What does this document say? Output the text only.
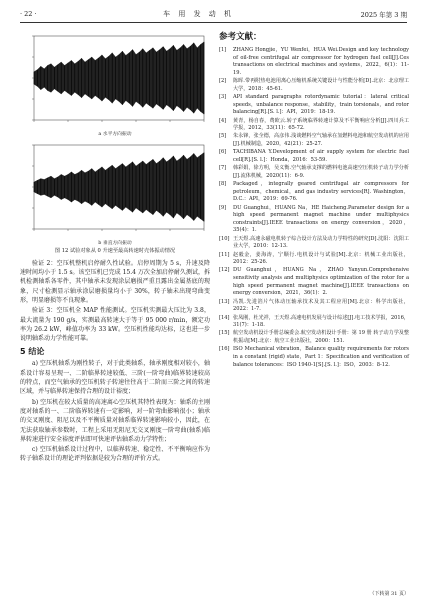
· 22 ·	车 用 发 动 机	2025 年第 3 期
a 水平方向振动
b 垂直方向振动
图 12 试验对象从 0 升速至最高转速时壳体振动情况

验证 2：空压机整机启停耐久性试验。启停周期为 5 s，升速及降速时间均小于 1.5 s。该空压机已完成 15.4 万次全加启停耐久测试，拆机检测轴系各零件，其中轴承未发现涂层磨损严重且露出金属基底的现象，尺寸检测显示轴承涂层磨损量均小于 30%，转子轴未出现弯曲变形，明显磨损等不良现象。

验证 3：空压机全 MAP 性能测试。空压机实测最大压比为 3.8，最大流量为 190 g/s，实测最高转速大于等于 95 000 r/min，额定功率为 26.2 kW，峰值功率为 33 kW。空压机性能均达标，这也进一步说明轴系动力学性能可靠。

5 结论

a) 空压机轴系为刚性转子，对于此类轴系，轴承刚度相对较小，轴系设计容易呈现一、二阶临界转速较低、三阶(一阶弯曲)临界转速较高的特点，而空气轴承的空压机转子转速往往高于二阶而三阶之间的转速区域，并与临界转速保持合理的设计裕度；

b) 空压机在较大质量的高速离心空压机其特性表现为：轴系的主刚度对轴系的一、二阶临界转速有一定影响，对一阶弯曲影响很小；轴承的交叉刚度、阻尼以及不平衡质量对轴系临界转速影响较小，因此，在无法获取轴承参数时，工程上采用无阻尼无交叉刚度一阶弯曲(轴系)临界转速进行安全裕度评估即可快速评估轴系动力学特性；

c) 空压机轴系设计过程中，以临界转速、稳定性、不平衡响应作为转子轴系设计的理论评判依据是较为合理的评价方式。

参考文献：
[1]	ZHANG Hongjie，YU Wenfei，HUA Wei.Design and key technology of oil-free centrifugal air compressor for hydrogen fuel cell[J].Ces transactions on electrical machines and systems，2022，6(1)：11-19.
[2]	陈晖.带再附热电池用离心压缩机系统关键设计与性能分析[D].北京：北京理工大学，2018：45-61.
[3]	API standard paragraphs rotordynamic tutorial：lateral critical speeds，unbalance response，stability，train torsionals，and rotor balancing[R].[S. l.]：API，2019：18-19.
[4]	黄青，杨自春，费欧云.转子系统临界转速计算及不平衡响应分析[J].四川兵工学报，2012，33(11)：65-72.
[5]	朱永锋，张全德，高彦伟.浅谈燃料空气轴承在氢燃料电池和航空发动机的应用[J].机械制造，2020，42(21)：25-27.
[6]	TACHIBANA Y.Development of air supply system for electric fuel cell[R].[S. l.]：Honda，2016：53-59.
[7]	韩彩娟，徐方明，吴义衡.空气轴承支撑的燃料电池高速空压机转子动力学分析[J].流体机械，2020(11)：6-9.
[8]	Packaged，integrally geared centrifugal air compressors for petroleum，chemical，and gas industry services[R]. Washington，D.C.：API，2019：69-76.
[9]	DU Guanghui，HUANG Na，HE Haicheng.Parameter design for a high speed permanent magnet machine under multiphysics constraints[J].IEEE transactions on energy conversion，2020，35(4)：1.
[10] 王天煜.高速永磁电机转子综合设计方法及动力学特性的研究[D].沈阳：沈阳工业大学，2010：12-13.
[11] 赵毅金，姜海涛，宁顺行.电机设计与试验[M].北京：机械工业出版社，2012：25-26.
[12] DU Guanghui，HUANG Na，ZHAO Yanyun.Comprehensive sensitivity analysis and multiphysics optimization of the rotor for a high speed permanent magnet machine[J].IEEE transactions on energy conversion，2021，36(1)：2.
[13] 冯凯.先进箔片气体动压轴承技术及其工程应用[M].北京：科学出版社，2022：1-7.
[14] 张凤刚，杜光祥，王天煜.高速电机发展与设计综述[J].电工技术学报，2016，31(7)：1-18.
[15] 航空发动机设计手册总编委会.航空发动机设计手册：第 19 册 转子动力学及整机振动[M].北京：航空工业出版社，2000：151.
[16] ISO Mechanical vibration，Balance quality requirements for rotors in a constant (rigid) state，Part 1：Specification and verification of balance tolerances：ISO 1940-1[S].[S. l.]：ISO，2003：8-12.
（下转第 31 页）
